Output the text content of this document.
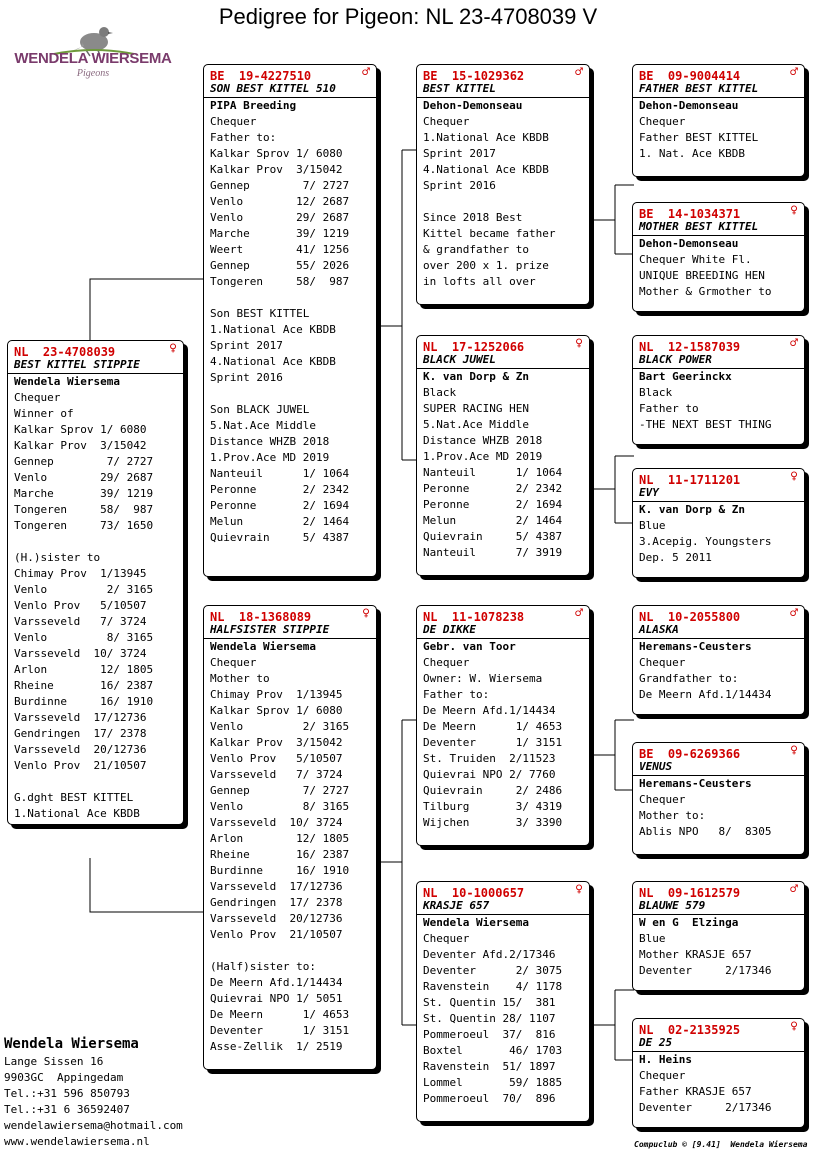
Pedigree for Pigeon: NL 23-4708039 V
WENDELA WIERSEMA
Pigeons
NL  23-4708039	♀
BEST KITTEL STIPPIE
Wendela Wiersema
Chequer
Winner of
Kalkar Sprov 1/ 6080
Kalkar Prov  3/15042
Gennep        7/ 2727
Venlo        29/ 2687
Marche       39/ 1219
Tongeren     58/  987
Tongeren     73/ 1650
(H.)sister to
Chimay Prov  1/13945
Venlo         2/ 3165
Venlo Prov   5/10507
Varsseveld   7/ 3724
Venlo         8/ 3165
Varsseveld  10/ 3724
Arlon        12/ 1805
Rheine       16/ 2387
Burdinne     16/ 1910
Varsseveld  17/12736
Gendringen  17/ 2378
Varsseveld  20/12736
Venlo Prov  21/10507
G.dght BEST KITTEL
1.National Ace KBDB
BE  19-4227510	♂
SON BEST KITTEL 510
PIPA Breeding
Chequer
Father to:
Kalkar Sprov 1/ 6080
Kalkar Prov  3/15042
Gennep        7/ 2727
Venlo        12/ 2687
Venlo        29/ 2687
Marche       39/ 1219
Weert        41/ 1256
Gennep       55/ 2026
Tongeren     58/  987
Son BEST KITTEL
1.National Ace KBDB
Sprint 2017
4.National Ace KBDB
Sprint 2016
Son BLACK JUWEL
5.Nat.Ace Middle
Distance WHZB 2018
1.Prov.Ace MD 2019
Nanteuil      1/ 1064
Peronne       2/ 2342
Peronne       2/ 1694
Melun         2/ 1464
Quievrain     5/ 4387
NL  18-1368089	♀
HALFSISTER STIPPIE
Wendela Wiersema
Chequer
Mother to
Chimay Prov  1/13945
Kalkar Sprov 1/ 6080
Venlo         2/ 3165
Kalkar Prov  3/15042
Venlo Prov   5/10507
Varsseveld   7/ 3724
Gennep        7/ 2727
Venlo         8/ 3165
Varsseveld  10/ 3724
Arlon        12/ 1805
Rheine       16/ 2387
Burdinne     16/ 1910
Varsseveld  17/12736
Gendringen  17/ 2378
Varsseveld  20/12736
Venlo Prov  21/10507
(Half)sister to:
De Meern Afd.1/14434
Quievrai NPO 1/ 5051
De Meern      1/ 4653
Deventer      1/ 3151
Asse-Zellik  1/ 2519
BE  15-1029362	♂
BEST KITTEL
Dehon-Demonseau
Chequer
1.National Ace KBDB
Sprint 2017
4.National Ace KBDB
Sprint 2016
Since 2018 Best
Kittel became father
& grandfather to
over 200 x 1. prize
in lofts all over
NL  17-1252066	♀
BLACK JUWEL
K. van Dorp & Zn
Black
SUPER RACING HEN
5.Nat.Ace Middle
Distance WHZB 2018
1.Prov.Ace MD 2019
Nanteuil      1/ 1064
Peronne       2/ 2342
Peronne       2/ 1694
Melun         2/ 1464
Quievrain     5/ 4387
Nanteuil      7/ 3919
NL  11-1078238	♂
DE DIKKE
Gebr. van Toor
Chequer
Owner: W. Wiersema
Father to:
De Meern Afd.1/14434
De Meern      1/ 4653
Deventer      1/ 3151
St. Truiden  2/11523
Quievrai NPO 2/ 7760
Quievrain     2/ 2486
Tilburg       3/ 4319
Wijchen       3/ 3390
NL  10-1000657	♀
KRASJE 657
Wendela Wiersema
Chequer
Deventer Afd.2/17346
Deventer      2/ 3075
Ravenstein    4/ 1178
St. Quentin 15/  381
St. Quentin 28/ 1107
Pommeroeul  37/  816
Boxtel       46/ 1703
Ravenstein  51/ 1897
Lommel       59/ 1885
Pommeroeul  70/  896
BE  09-9004414	♂
FATHER BEST KITTEL
Dehon-Demonseau
Chequer
Father BEST KITTEL
1. Nat. Ace KBDB
BE  14-1034371	♀
MOTHER BEST KITTEL
Dehon-Demonseau
Chequer White Fl.
UNIQUE BREEDING HEN
Mother & Grmother to
NL  12-1587039	♂
BLACK POWER
Bart Geerinckx
Black
Father to
-THE NEXT BEST THING
NL  11-1711201	♀
EVY
K. van Dorp & Zn
Blue
3.Acepig. Youngsters
Dep. 5 2011
NL  10-2055800	♂
ALASKA
Heremans-Ceusters
Chequer
Grandfather to:
De Meern Afd.1/14434
BE  09-6269366	♀
VENUS
Heremans-Ceusters
Chequer
Mother to:
Ablis NPO   8/  8305
NL  09-1612579	♂
BLAUWE 579
W en G  Elzinga
Blue
Mother KRASJE 657
Deventer     2/17346
NL  02-2135925	♀
DE 25
H. Heins
Chequer
Father KRASJE 657
Deventer     2/17346
Wendela Wiersema
Lange Sissen 16
9903GC  Appingedam
Tel.:+31 596 850793
Tel.:+31 6 36592407
wendelawiersema@hotmail.com
www.wendelawiersema.nl	Compuclub © [9.41]  Wendela Wiersema
